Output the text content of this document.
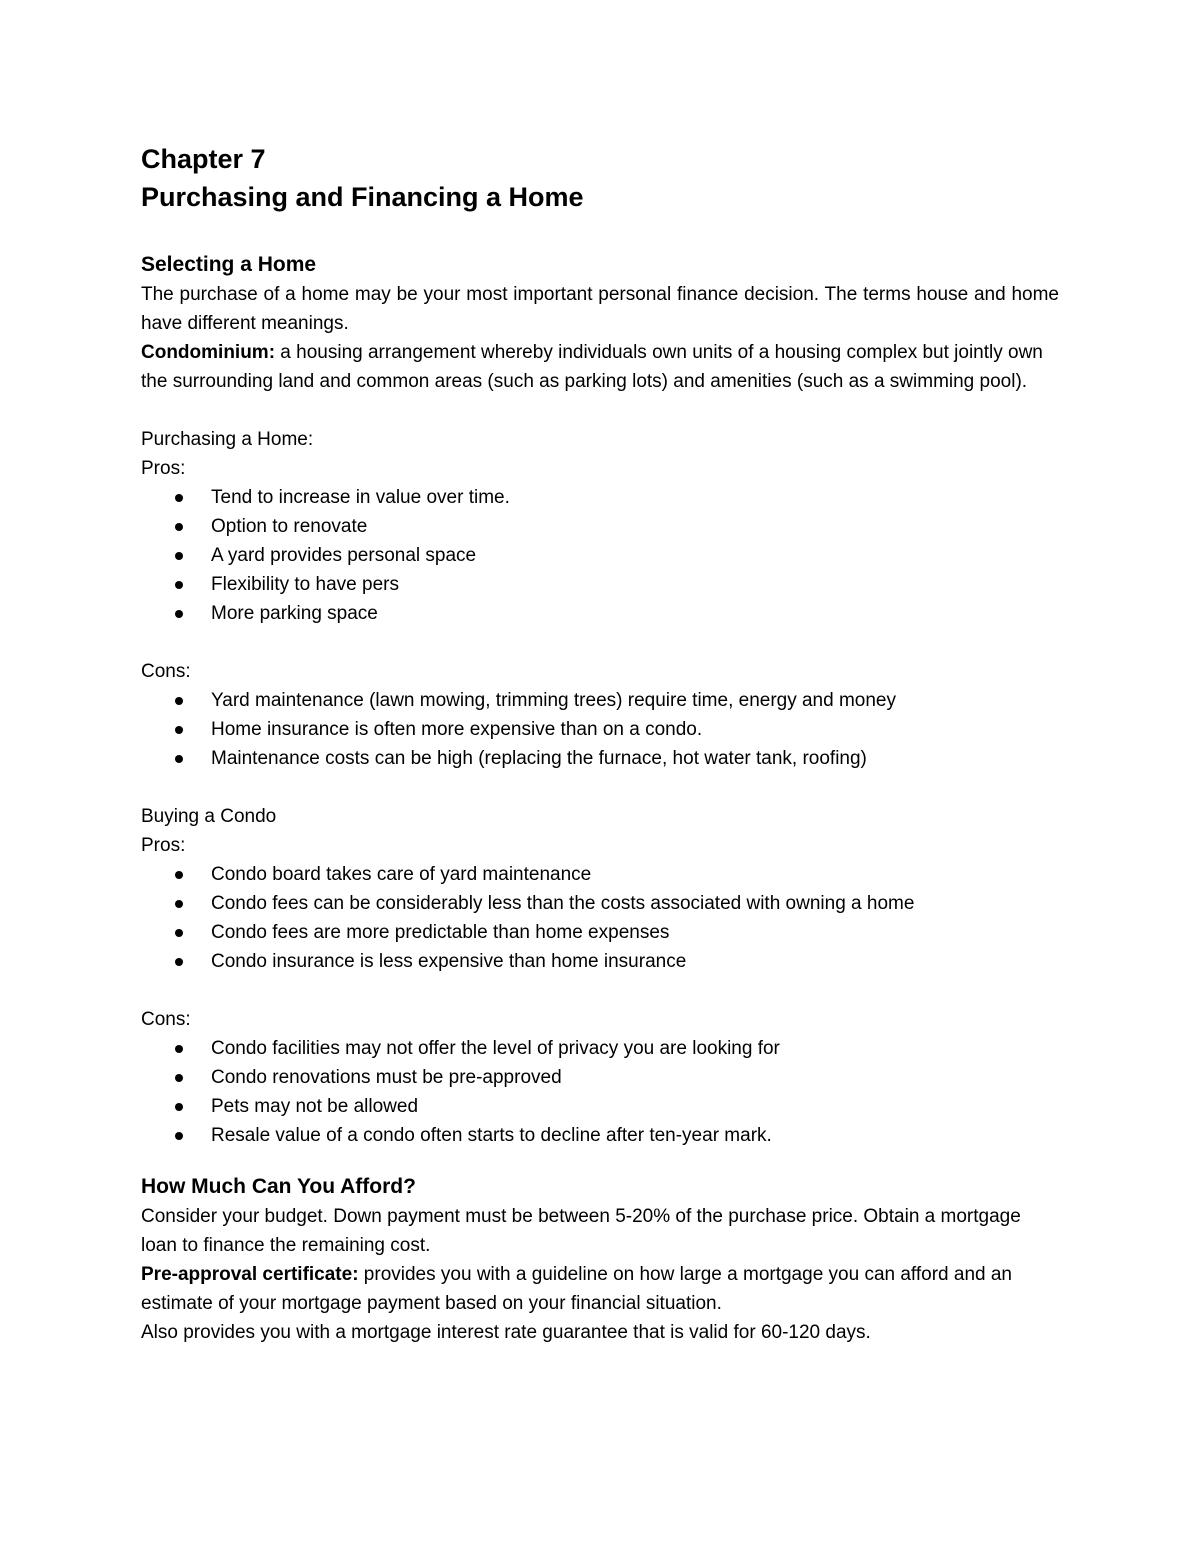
Chapter 7
Purchasing and Financing a Home
Selecting a Home

The purchase of a home may be your most important personal finance decision. The terms house and home have different meanings.

Condominium: a housing arrangement whereby individuals own units of a housing complex but jointly own the surrounding land and common areas (such as parking lots) and amenities (such as a swimming pool).

Purchasing a Home:

Pros:

Tend to increase in value over time.
Option to renovate
A yard provides personal space
Flexibility to have pers
More parking space

Cons:

Yard maintenance (lawn mowing, trimming trees) require time, energy and money
Home insurance is often more expensive than on a condo.
Maintenance costs can be high (replacing the furnace, hot water tank, roofing)

Buying a Condo

Pros:

Condo board takes care of yard maintenance
Condo fees can be considerably less than the costs associated with owning a home
Condo fees are more predictable than home expenses
Condo insurance is less expensive than home insurance

Cons:

Condo facilities may not offer the level of privacy you are looking for
Condo renovations must be pre-approved
Pets may not be allowed
Resale value of a condo often starts to decline after ten-year mark.
How Much Can You Afford?

Consider your budget. Down payment must be between 5-20% of the purchase price. Obtain a mortgage loan to finance the remaining cost.

Pre-approval certificate: provides you with a guideline on how large a mortgage you can afford and an estimate of your mortgage payment based on your financial situation.

Also provides you with a mortgage interest rate guarantee that is valid for 60-120 days.
